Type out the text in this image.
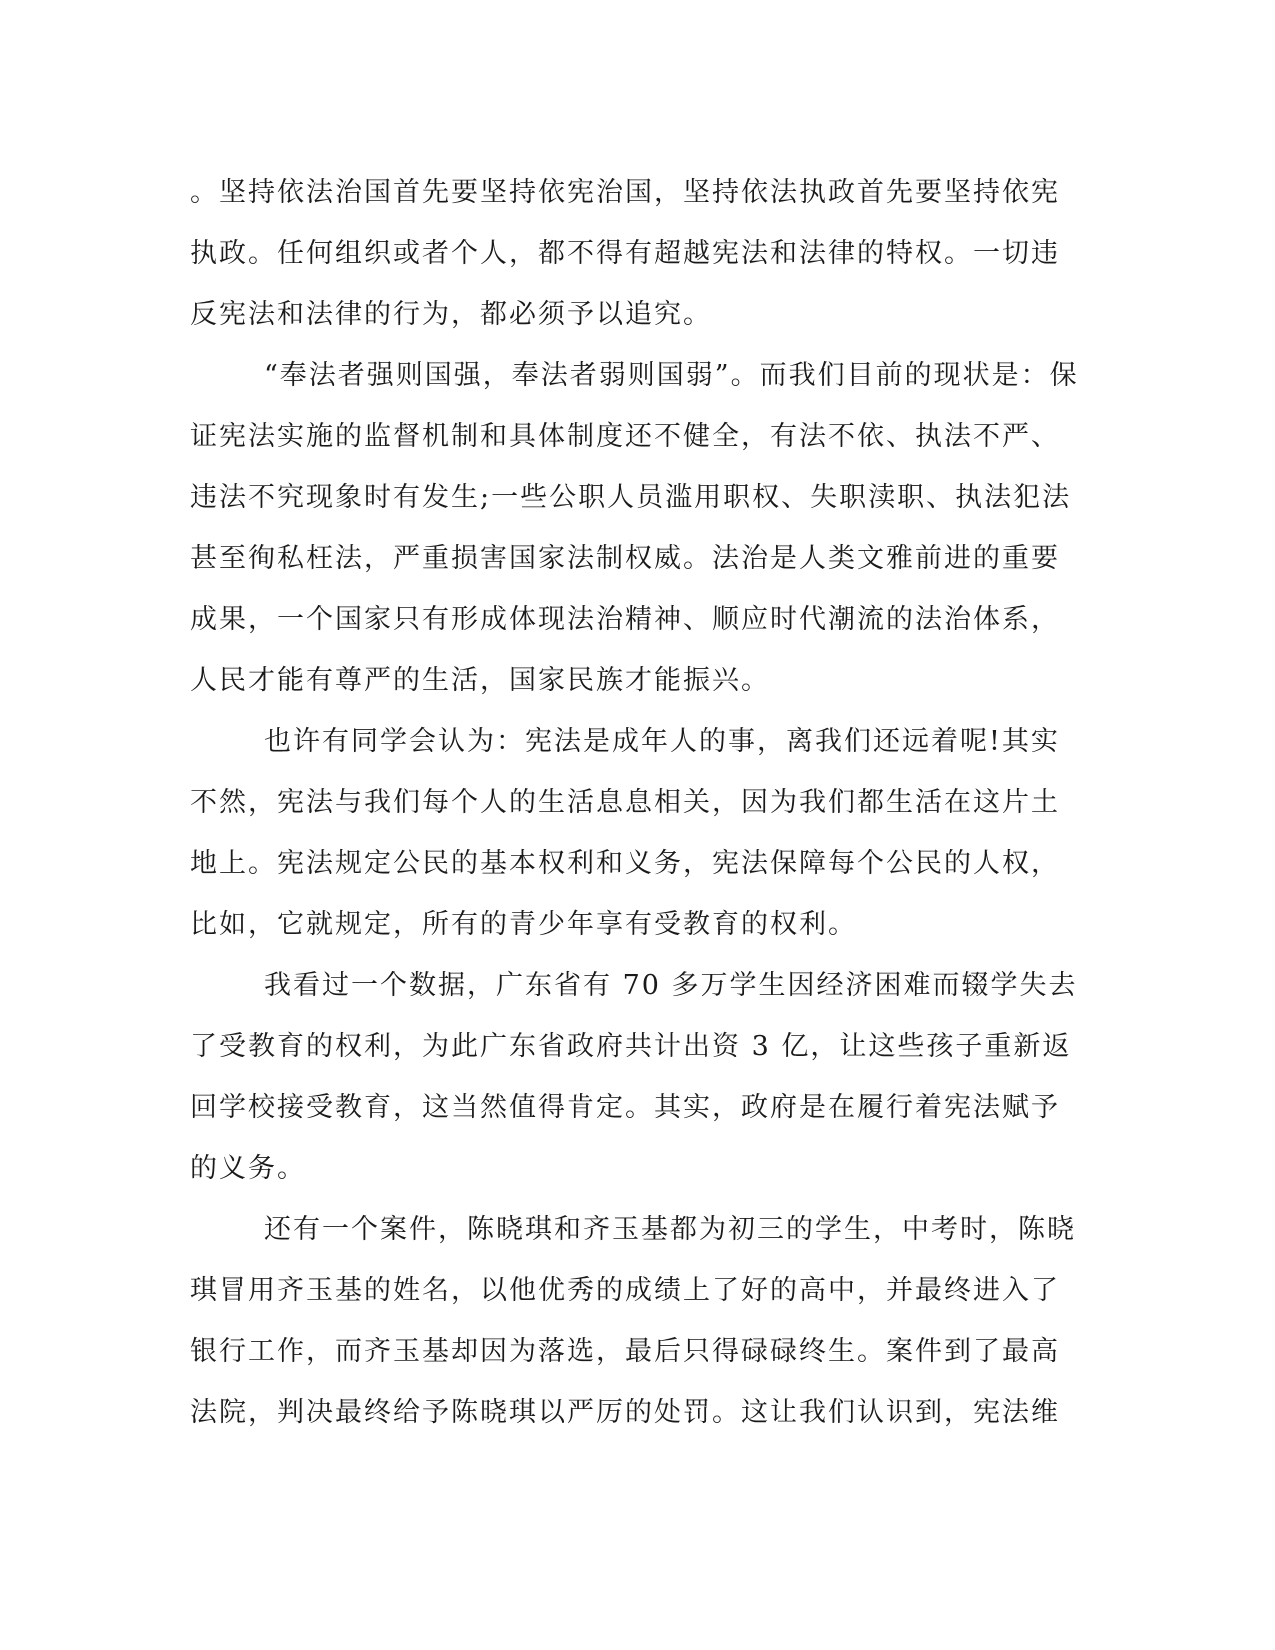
。坚持依法治国首先要坚持依宪治国，坚持依法执政首先要坚持依宪
执政。任何组织或者个人，都不得有超越宪法和法律的特权。一切违
反宪法和法律的行为，都必须予以追究。
“奉法者强则国强，奉法者弱则国弱”。而我们目前的现状是：保
证宪法实施的监督机制和具体制度还不健全，有法不依、执法不严、
违法不究现象时有发生;一些公职人员滥用职权、失职渎职、执法犯法
甚至徇私枉法，严重损害国家法制权威。法治是人类文雅前进的重要
成果，一个国家只有形成体现法治精神、顺应时代潮流的法治体系，
人民才能有尊严的生活，国家民族才能振兴。
也许有同学会认为：宪法是成年人的事，离我们还远着呢!其实
不然，宪法与我们每个人的生活息息相关，因为我们都生活在这片土
地上。宪法规定公民的基本权利和义务，宪法保障每个公民的人权，
比如，它就规定，所有的青少年享有受教育的权利。
我看过一个数据，广东省有 70 多万学生因经济困难而辍学失去
了受教育的权利，为此广东省政府共计出资 3 亿，让这些孩子重新返
回学校接受教育，这当然值得肯定。其实，政府是在履行着宪法赋予
的义务。
还有一个案件，陈晓琪和齐玉基都为初三的学生，中考时，陈晓
琪冒用齐玉基的姓名，以他优秀的成绩上了好的高中，并最终进入了
银行工作，而齐玉基却因为落选，最后只得碌碌终生。案件到了最高
法院，判决最终给予陈晓琪以严厉的处罚。这让我们认识到，宪法维
